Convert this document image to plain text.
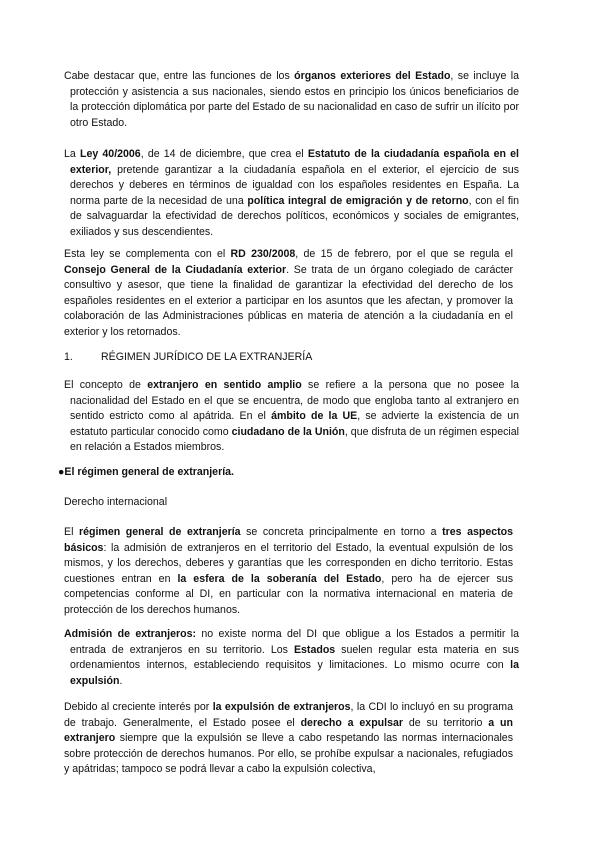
Cabe destacar que, entre las funciones de los órganos exteriores del Estado, se incluye la protección y asistencia a sus nacionales, siendo estos en principio los únicos beneficiarios de la protección diplomática por parte del Estado de su nacionalidad en caso de sufrir un ilícito por otro Estado.

La Ley 40/2006, de 14 de diciembre, que crea el Estatuto de la ciudadanía española en el exterior, pretende garantizar a la ciudadanía española en el exterior, el ejercicio de sus derechos y deberes en términos de igualdad con los españoles residentes en España. La norma parte de la necesidad de una política integral de emigración y de retorno, con el fin de salvaguardar la efectividad de derechos políticos, económicos y sociales de emigrantes, exiliados y sus descendientes.

Esta ley se complementa con el RD 230/2008, de 15 de febrero, por el que se regula el Consejo General de la Ciudadanía exterior. Se trata de un órgano colegiado de carácter consultivo y asesor, que tiene la finalidad de garantizar la efectividad del derecho de los españoles residentes en el exterior a participar en los asuntos que les afectan, y promover la colaboración de las Administraciones públicas en materia de atención a la ciudadanía en el exterior y los retornados.

1.	RÉGIMEN JURÍDICO DE LA EXTRANJERÍA

El concepto de extranjero en sentido amplio se refiere a la persona que no posee la nacionalidad del Estado en el que se encuentra, de modo que engloba tanto al extranjero en sentido estricto como al apátrida. En el ámbito de la UE, se advierte la existencia de un estatuto particular conocido como ciudadano de la Unión, que disfruta de un régimen especial en relación a Estados miembros.

●El régimen general de extranjería.
Derecho internacional

El régimen general de extranjería se concreta principalmente en torno a tres aspectos básicos: la admisión de extranjeros en el territorio del Estado, la eventual expulsión de los mismos, y los derechos, deberes y garantías que les corresponden en dicho territorio. Estas cuestiones entran en la esfera de la soberanía del Estado, pero ha de ejercer sus competencias conforme al DI, en particular con la normativa internacional en materia de protección de los derechos humanos.

Admisión de extranjeros: no existe norma del DI que obligue a los Estados a permitir la entrada de extranjeros en su territorio. Los Estados suelen regular esta materia en sus ordenamientos internos, estableciendo requisitos y limitaciones. Lo mismo ocurre con la expulsión.

Debido al creciente interés por la expulsión de extranjeros, la CDI lo incluyó en su programa de trabajo. Generalmente, el Estado posee el derecho a expulsar de su territorio a un extranjero siempre que la expulsión se lleve a cabo respetando las normas internacionales sobre protección de derechos humanos. Por ello, se prohíbe expulsar a nacionales, refugiados y apátridas; tampoco se podrá llevar a cabo la expulsión colectiva,
